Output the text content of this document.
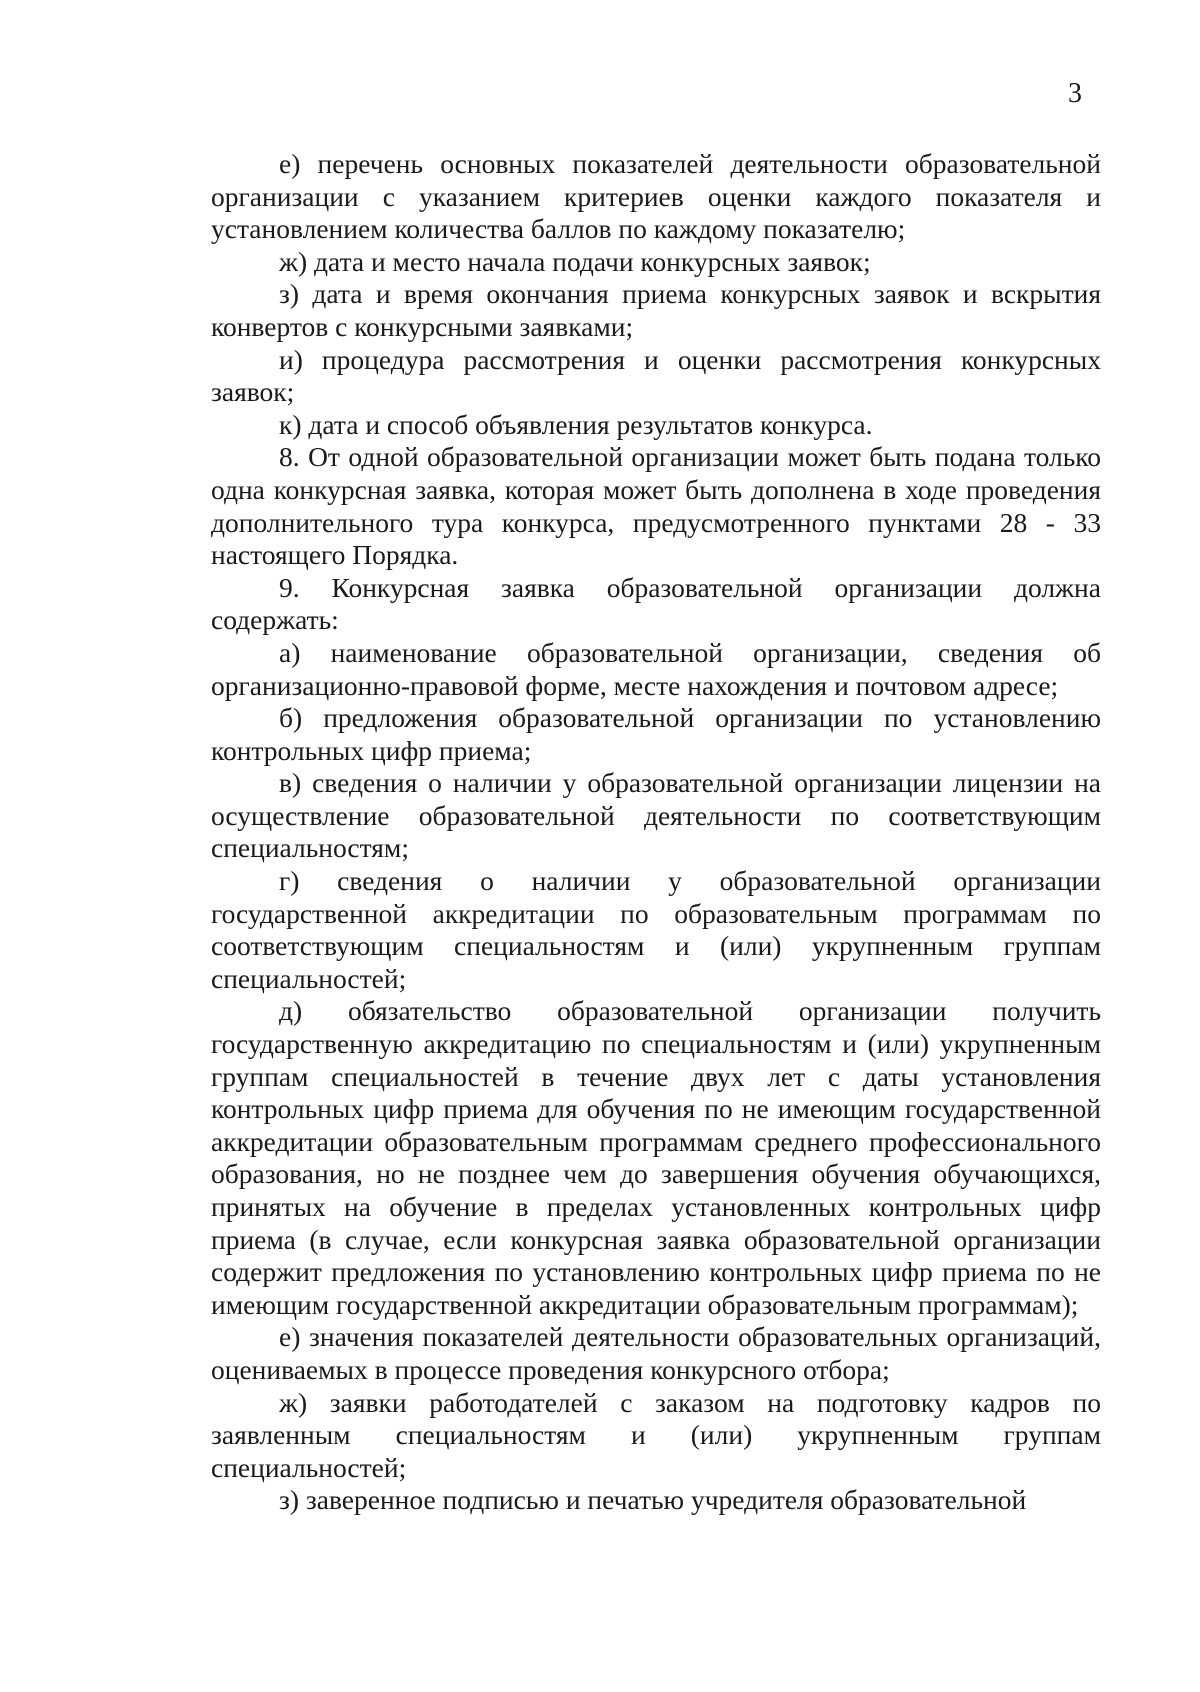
3

е) перечень основных показателей деятельности образовательной организации с указанием критериев оценки каждого показателя и установлением количества баллов по каждому показателю;

ж) дата и место начала подачи конкурсных заявок;

з) дата и время окончания приема конкурсных заявок и вскрытия конвертов с конкурсными заявками;

и) процедура рассмотрения и оценки рассмотрения конкурсных заявок;

к) дата и способ объявления результатов конкурса.

8. От одной образовательной организации может быть подана только одна конкурсная заявка, которая может быть дополнена в ходе проведения дополнительного тура конкурса, предусмотренного пунктами 28 - 33 настоящего Порядка.

9. Конкурсная заявка образовательной организации должна содержать:

а) наименование образовательной организации, сведения об организационно-правовой форме, месте нахождения и почтовом адресе;

б) предложения образовательной организации по установлению контрольных цифр приема;

в) сведения о наличии у образовательной организации лицензии на осуществление образовательной деятельности по соответствующим специальностям;

г) сведения о наличии у образовательной организации государственной аккредитации по образовательным программам по соответствующим специальностям и (или) укрупненным группам специальностей;

д) обязательство образовательной организации получить государственную аккредитацию по специальностям и (или) укрупненным группам специальностей в течение двух лет с даты установления контрольных цифр приема для обучения по не имеющим государственной аккредитации образовательным программам среднего профессионального образования, но не позднее чем до завершения обучения обучающихся, принятых на обучение в пределах установленных контрольных цифр приема (в случае, если конкурсная заявка образовательной организации содержит предложения по установлению контрольных цифр приема по не имеющим государственной аккредитации образовательным программам);

е) значения показателей деятельности образовательных организаций, оцениваемых в процессе проведения конкурсного отбора;

ж) заявки работодателей с заказом на подготовку кадров по заявленным специальностям и (или) укрупненным группам специальностей;

з) заверенное подписью и печатью учредителя образовательной
